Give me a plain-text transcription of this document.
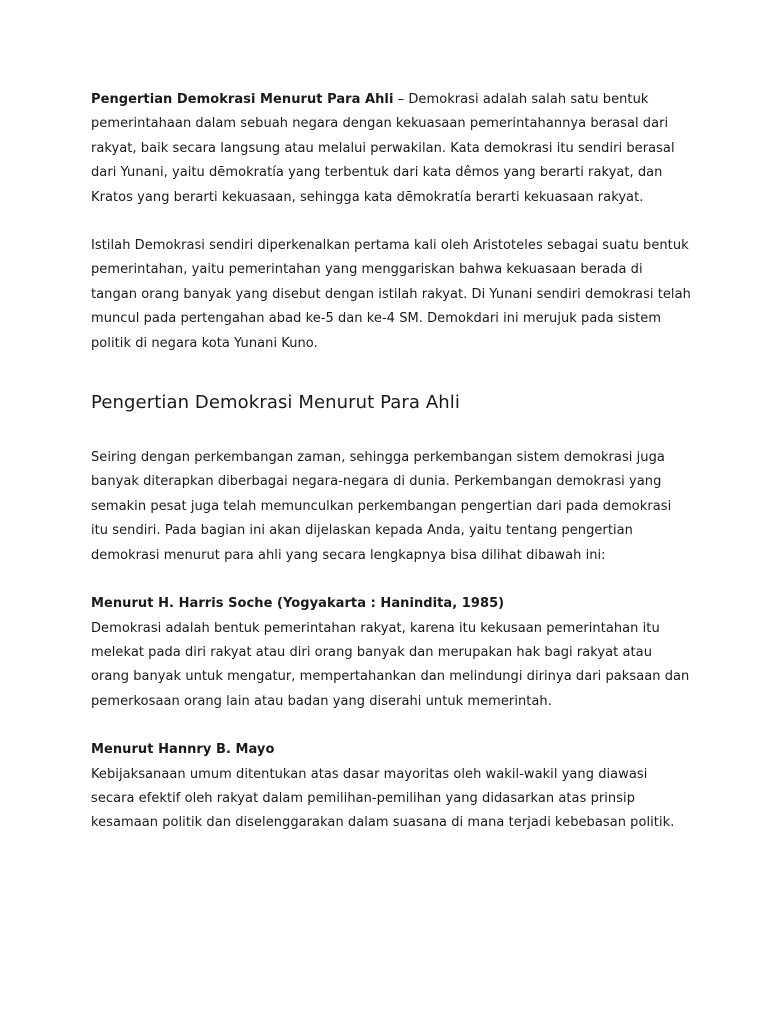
Pengertian Demokrasi Menurut Para Ahli – Demokrasi adalah salah satu bentuk pemerintahaan dalam sebuah negara dengan kekuasaan pemerintahannya berasal dari rakyat, baik secara langsung atau melalui perwakilan. Kata demokrasi itu sendiri berasal dari Yunani, yaitu dēmokratía yang terbentuk dari kata dêmos yang berarti rakyat, dan Kratos yang berarti kekuasaan, sehingga kata dēmokratía berarti kekuasaan rakyat.

Istilah Demokrasi sendiri diperkenalkan pertama kali oleh Aristoteles sebagai suatu bentuk pemerintahan, yaitu pemerintahan yang menggariskan bahwa kekuasaan berada di tangan orang banyak yang disebut dengan istilah rakyat. Di Yunani sendiri demokrasi telah muncul pada pertengahan abad ke-5 dan ke-4 SM. Demokdari ini merujuk pada sistem politik di negara kota Yunani Kuno.

Pengertian Demokrasi Menurut Para Ahli

Seiring dengan perkembangan zaman, sehingga perkembangan sistem demokrasi juga banyak diterapkan diberbagai negara-negara di dunia. Perkembangan demokrasi yang semakin pesat juga telah memunculkan perkembangan pengertian dari pada demokrasi itu sendiri. Pada bagian ini akan dijelaskan kepada Anda, yaitu tentang pengertian demokrasi menurut para ahli yang secara lengkapnya bisa dilihat dibawah ini:

Menurut H. Harris Soche (Yogyakarta : Hanindita, 1985)

Demokrasi adalah bentuk pemerintahan rakyat, karena itu kekusaan pemerintahan itu melekat pada diri rakyat atau diri orang banyak dan merupakan hak bagi rakyat atau orang banyak untuk mengatur, mempertahankan dan melindungi dirinya dari paksaan dan pemerkosaan orang lain atau badan yang diserahi untuk memerintah.

Menurut Hannry B. Mayo

Kebijaksanaan umum ditentukan atas dasar mayoritas oleh wakil-wakil yang diawasi secara efektif oleh rakyat dalam pemilihan-pemilihan yang didasarkan atas prinsip kesamaan politik dan diselenggarakan dalam suasana di mana terjadi kebebasan politik.
